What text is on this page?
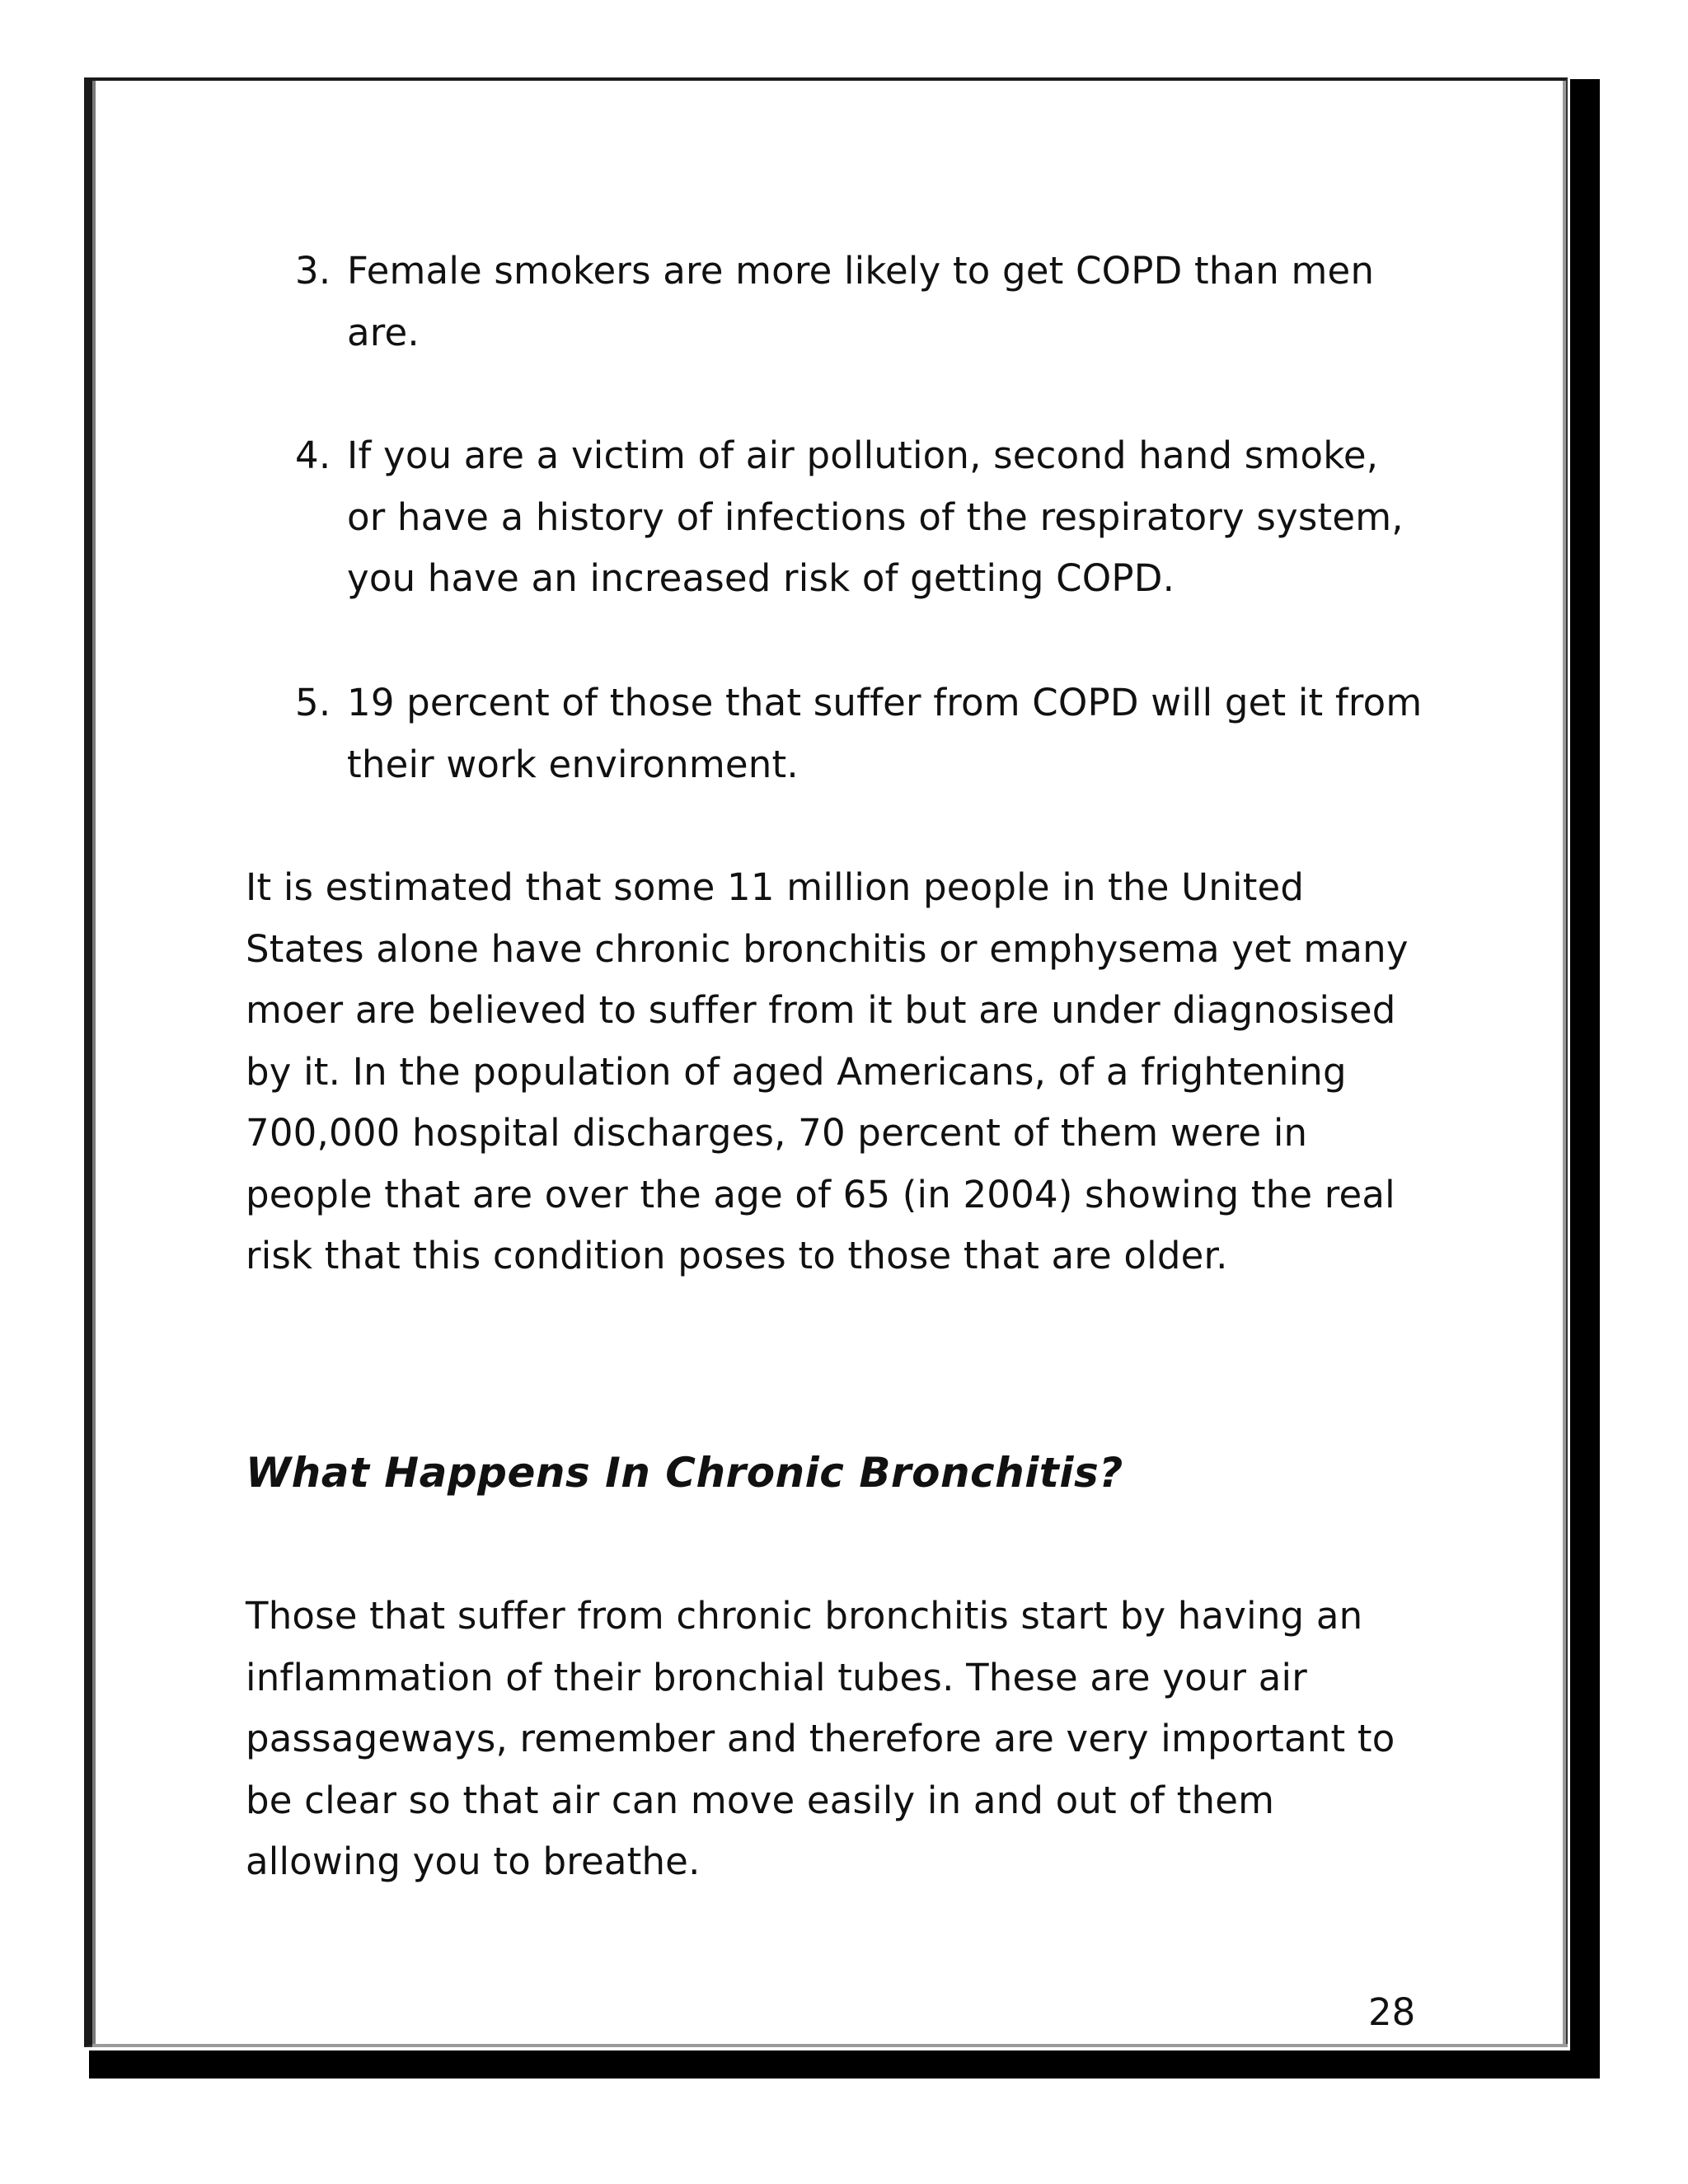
3. Female smokers are more likely to get COPD than men are.
4. If you are a victim of air pollution, second hand smoke, or have a history of infections of the respiratory system, you have an increased risk of getting COPD.
5. 19 percent of those that suffer from COPD will get it from their work environment.

It is estimated that some 11 million people in the United States alone have chronic bronchitis or emphysema yet many moer are believed to suffer from it but are under diagnosised by it. In the population of aged Americans, of a frightening 700,000 hospital discharges, 70 percent of them were in people that are over the age of 65 (in 2004) showing the real risk that this condition poses to those that are older.

What Happens In Chronic Bronchitis?

Those that suffer from chronic bronchitis start by having an inflammation of their bronchial tubes. These are your air passageways, remember and therefore are very important to be clear so that air can move easily in and out of them allowing you to breathe.

28
